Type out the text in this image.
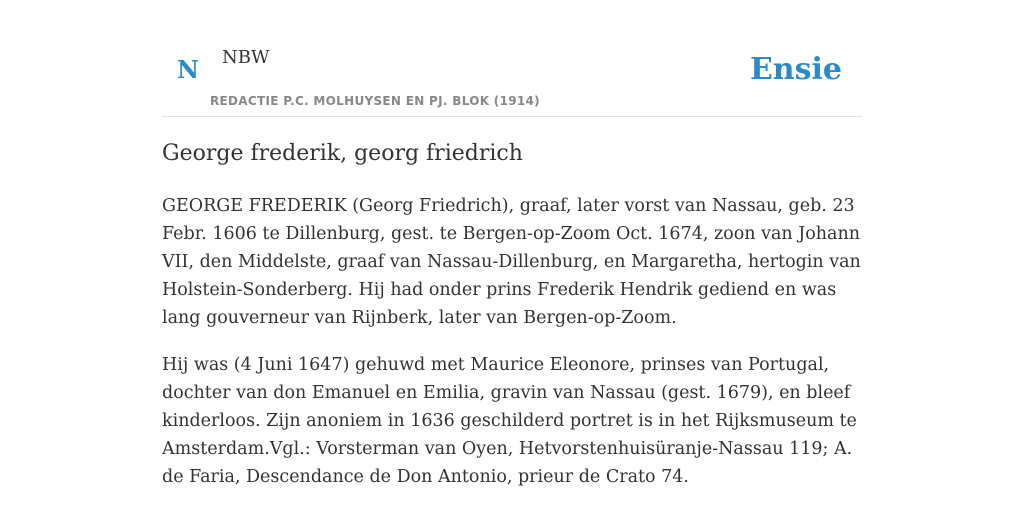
N NBW
REDACTIE P.C. MOLHUYSEN EN PJ. BLOK (1914)
Ensie
George frederik, georg friedrich

GEORGE FREDERIK (Georg Friedrich), graaf, later vorst van Nassau, geb. 23 Febr. 1606 te Dillenburg, gest. te Bergen-op-Zoom Oct. 1674, zoon van Johann VII, den Middelste, graaf van Nassau-Dillenburg, en Margaretha, hertogin van Holstein-Sonderberg. Hij had onder prins Frederik Hendrik gediend en was lang gouverneur van Rijnberk, later van Bergen-op-Zoom.

Hij was (4 Juni 1647) gehuwd met Maurice Eleonore, prinses van Portugal, dochter van don Emanuel en Emilia, gravin van Nassau (gest. 1679), en bleef kinderloos. Zijn anoniem in 1636 geschilderd portret is in het Rijksmuseum te Amsterdam.Vgl.: Vorsterman van Oyen, Hetvorstenhuisüranje-Nassau 119; A. de Faria, Descendance de Don Antonio, prieur de Crato 74.
